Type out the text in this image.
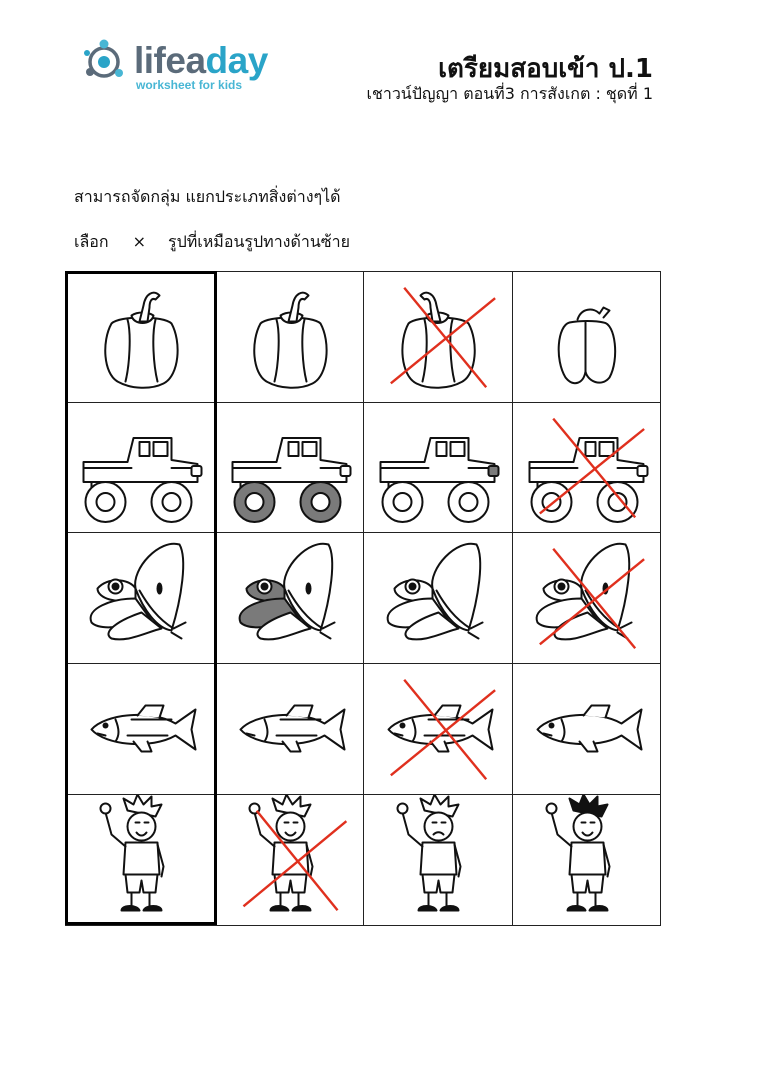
lifeaday
worksheet for kids
เตรียมสอบเข้า ป.1
เชาวน์ปัญญา ตอนที่3 การสังเกต : ชุดที่ 1
สามารถจัดกลุ่ม แยกประเภทสิ่งต่างๆได้
เลือก × รูปที่เหมือนรูปทางด้านซ้าย
